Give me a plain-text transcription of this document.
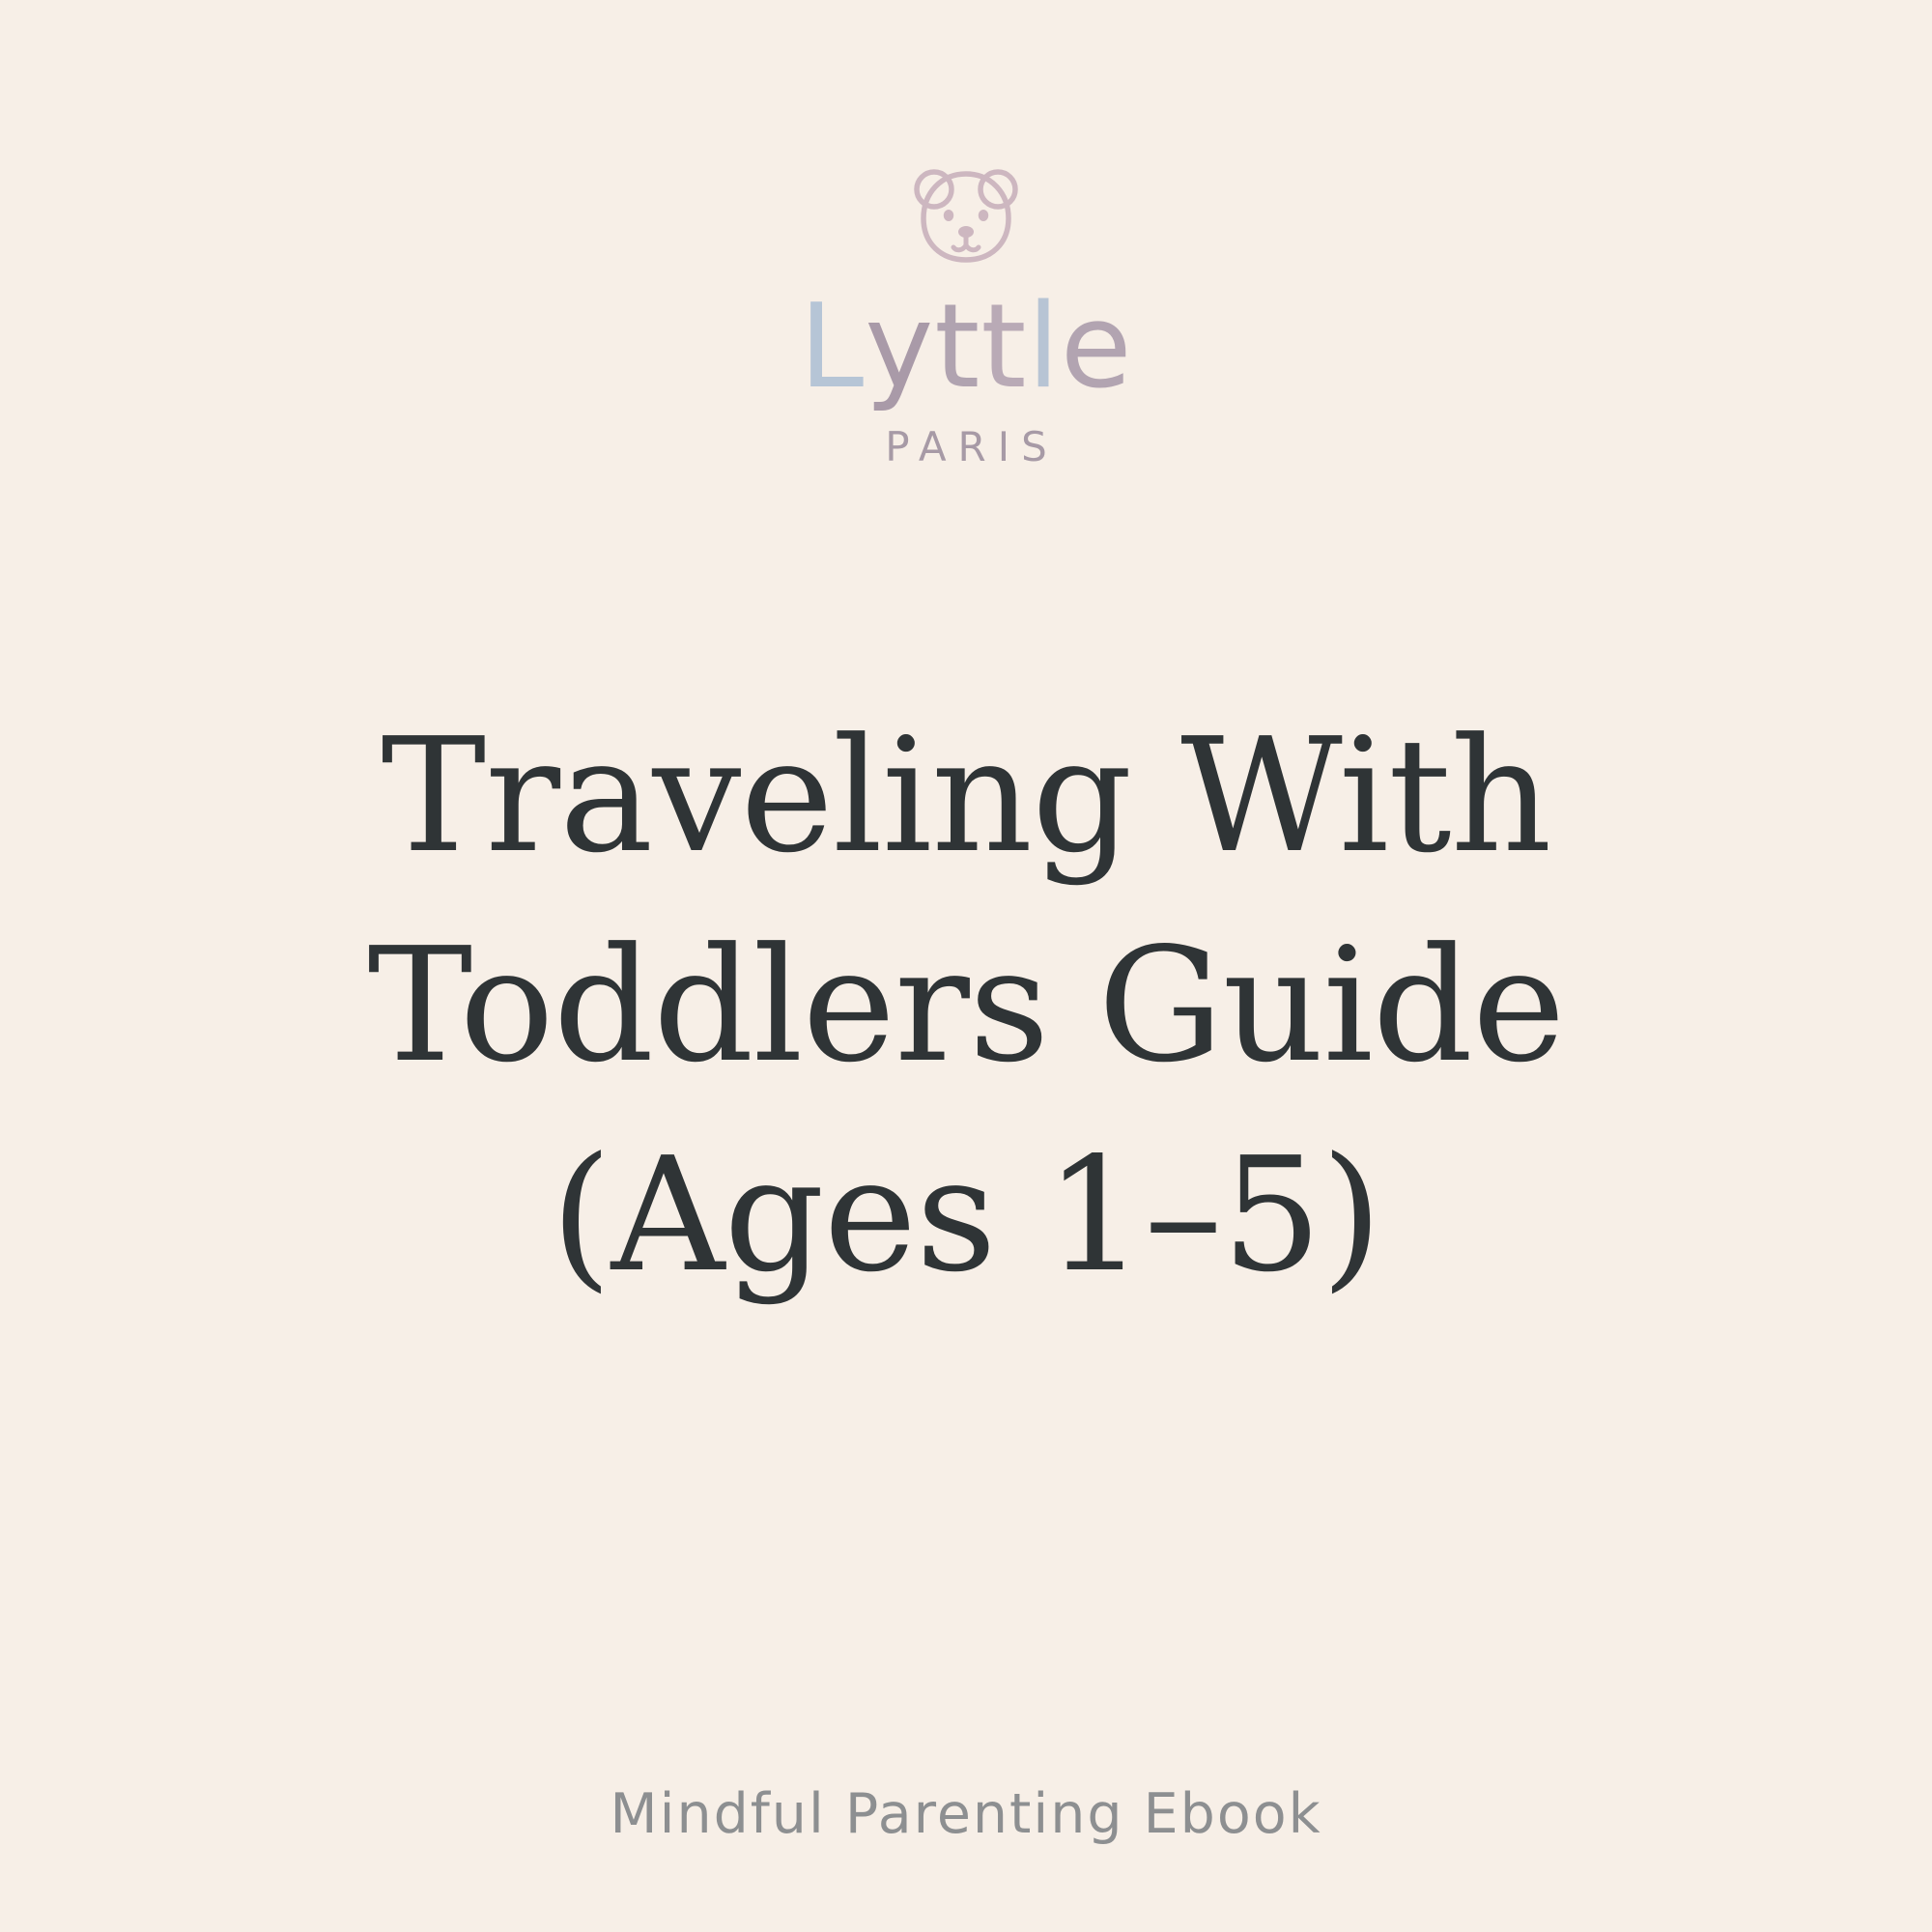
L y t t l e
PARIS
Traveling With Toddlers Guide (Ages 1–5)
Mindful Parenting Ebook
